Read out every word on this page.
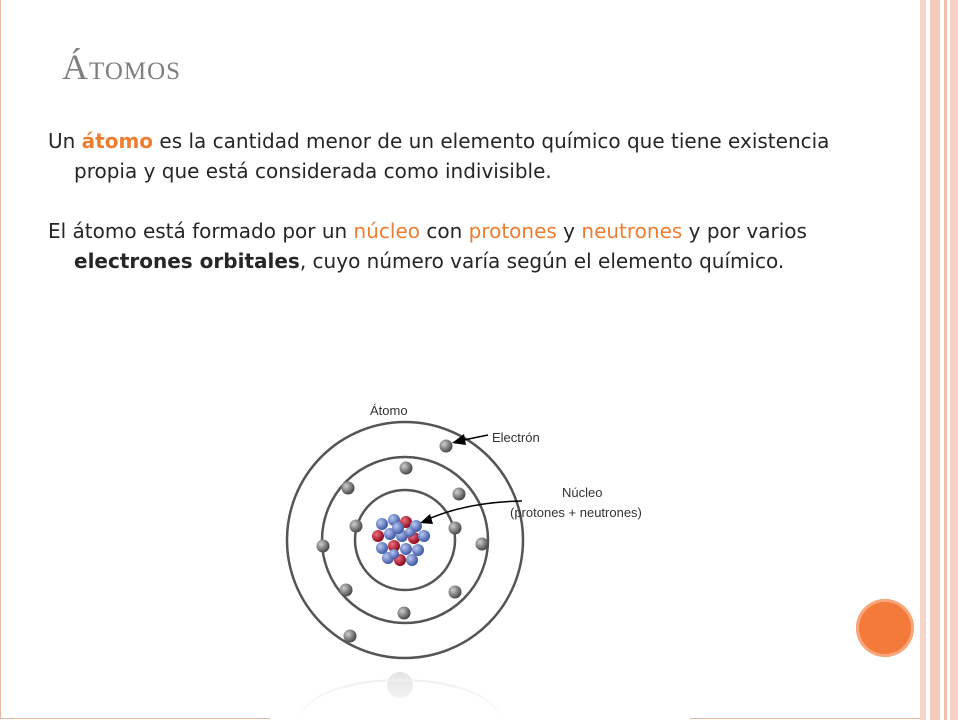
Átomos

Un átomo es la cantidad menor de un elemento químico que tiene existencia propia y que está considerada como indivisible.

El átomo está formado por un núcleo con protones y neutrones y por varios electrones orbitales, cuyo número varía según el elemento químico.

Átomo
Electrón
Núcleo
(protones + neutrones)
